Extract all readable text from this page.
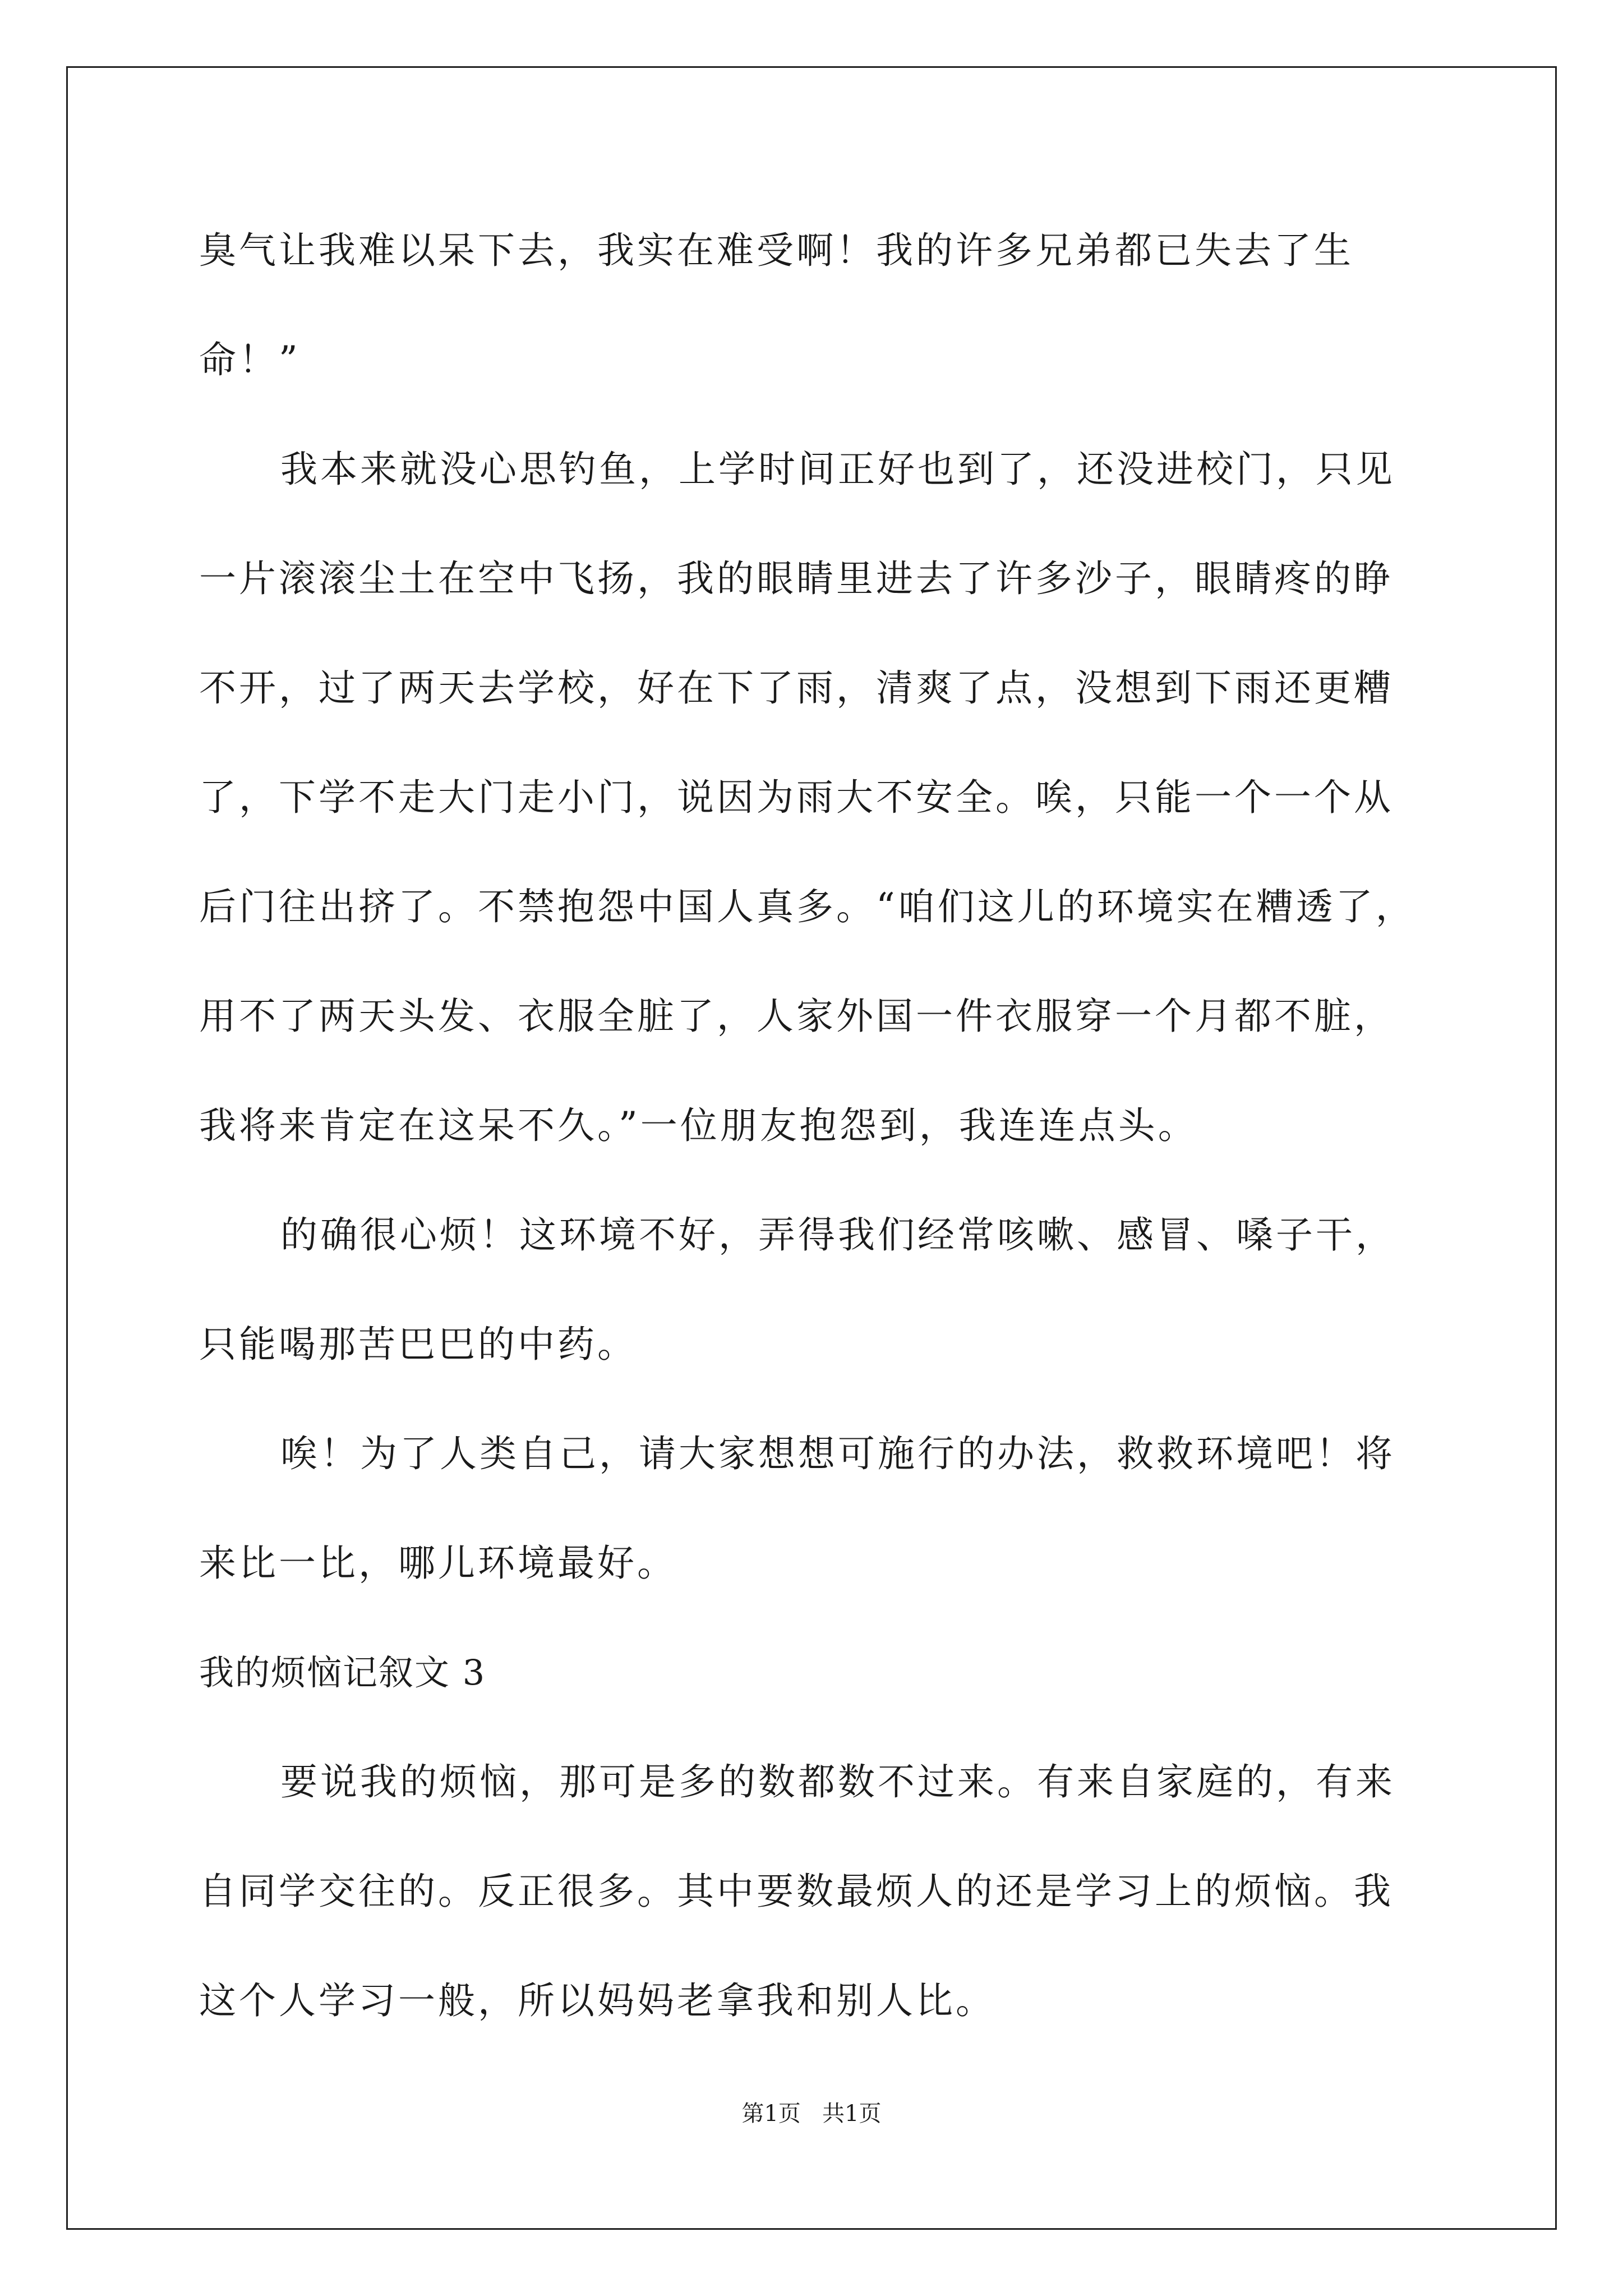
臭气让我难以呆下去，我实在难受啊！我的许多兄弟都已失去了生
命！”
我本来就没心思钓鱼，上学时间正好也到了，还没进校门，只见
一片滚滚尘土在空中飞扬，我的眼睛里进去了许多沙子，眼睛疼的睁
不开，过了两天去学校，好在下了雨，清爽了点，没想到下雨还更糟
了，下学不走大门走小门，说因为雨大不安全。唉，只能一个一个从
后门往出挤了。不禁抱怨中国人真多。“咱们这儿的环境实在糟透了，
用不了两天头发、衣服全脏了，人家外国一件衣服穿一个月都不脏，
我将来肯定在这呆不久。”一位朋友抱怨到，我连连点头。
的确很心烦！这环境不好，弄得我们经常咳嗽、感冒、嗓子干，
只能喝那苦巴巴的中药。
唉！为了人类自己，请大家想想可施行的办法，救救环境吧！将
来比一比，哪儿环境最好。
我的烦恼记叙文 3
要说我的烦恼，那可是多的数都数不过来。有来自家庭的，有来
自同学交往的。反正很多。其中要数最烦人的还是学习上的烦恼。我
这个人学习一般，所以妈妈老拿我和别人比。
第1页   共1页
